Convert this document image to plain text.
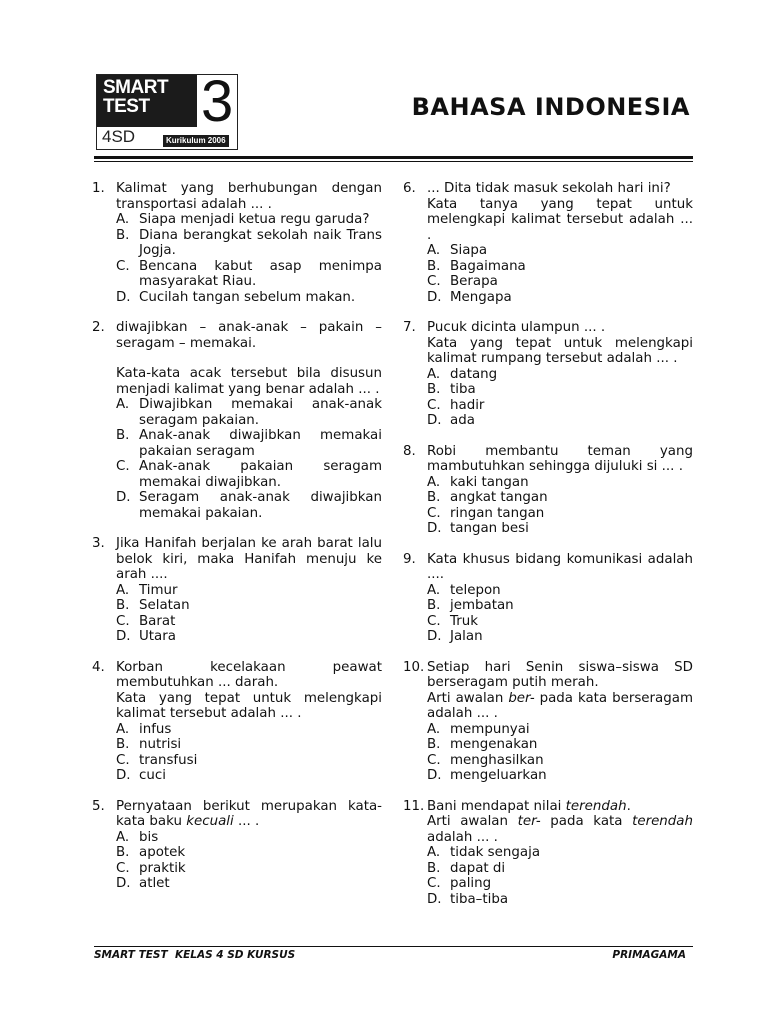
SMART
TEST 3
4SD	Kurikulum 2006
BAHASA INDONESIA
1. Kalimat yang berhubungan dengan transportasi adalah ... .

A. Siapa menjadi ketua regu garuda?
B. Diana berangkat sekolah naik Trans Jogja.
C. Bencana kabut asap menimpa masyarakat Riau.
D. Cucilah tangan sebelum makan.
2. diwajibkan – anak-anak – pakain – seragam – memakai.

Kata-kata acak tersebut bila disusun menjadi kalimat yang benar adalah ... .

A. Diwajibkan memakai anak-anak seragam pakaian.
B. Anak-anak diwajibkan memakai pakaian seragam
C. Anak-anak pakaian seragam memakai diwajibkan.
D. Seragam anak-anak diwajibkan memakai pakaian.
3. Jika Hanifah berjalan ke arah barat lalu belok kiri, maka Hanifah menuju ke arah ....

A. Timur
B. Selatan
C. Barat
D. Utara
4. Korban kecelakaan peawat membutuhkan ... darah.

Kata yang tepat untuk melengkapi kalimat tersebut adalah ... .

A. infus
B. nutrisi
C. transfusi
D. cuci
5. Pernyataan berikut merupakan kata-kata baku kecuali ... .

A. bis
B. apotek
C. praktik
D. atlet
6. ... Dita tidak masuk sekolah hari ini?

Kata tanya yang tepat untuk melengkapi kalimat tersebut adalah ... .

A. Siapa
B. Bagaimana
C. Berapa
D. Mengapa
7. Pucuk dicinta ulampun ... .

Kata yang tepat untuk melengkapi kalimat rumpang tersebut adalah ... .

A. datang
B. tiba
C. hadir
D. ada
8. Robi membantu teman yang mambutuhkan sehingga dijuluki si ... .

A. kaki tangan
B. angkat tangan
C. ringan tangan
D. tangan besi
9. Kata khusus bidang komunikasi adalah ....

A. telepon
B. jembatan
C. Truk
D. Jalan
10. Setiap hari Senin siswa–siswa SD berseragam putih merah.

Arti awalan ber- pada kata berseragam adalah ... .

A. mempunyai
B. mengenakan
C. menghasilkan
D. mengeluarkan
11. Bani mendapat nilai terendah.

Arti awalan ter- pada kata terendah adalah ... .

A. tidak sengaja
B. dapat di
C. paling
D. tiba–tiba
SMART TEST  KELAS 4 SD KURSUS	PRIMAGAMA
